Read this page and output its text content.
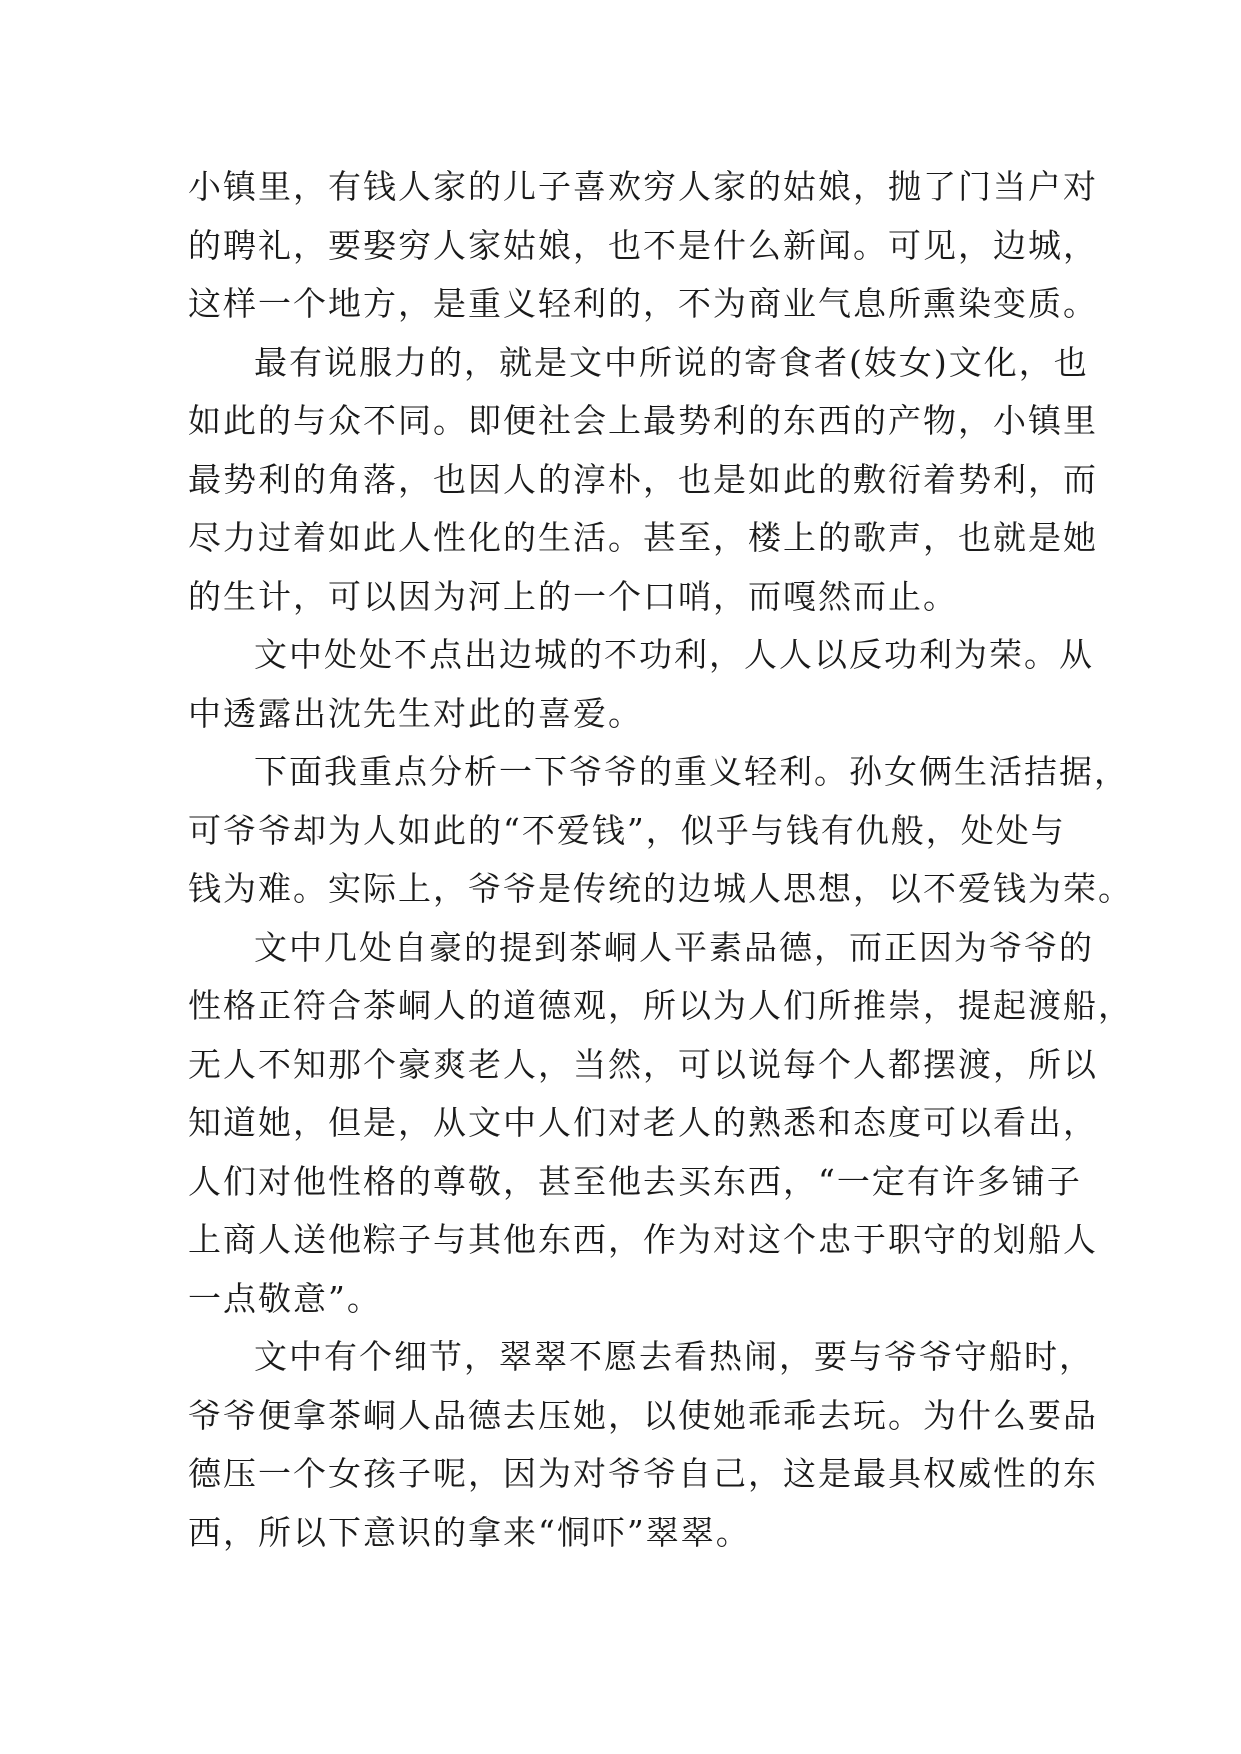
小镇里，有钱人家的儿子喜欢穷人家的姑娘，抛了门当户对
的聘礼，要娶穷人家姑娘，也不是什么新闻。可见，边城，
这样一个地方，是重义轻利的，不为商业气息所熏染变质。
最有说服力的，就是文中所说的寄食者(妓女)文化，也
如此的与众不同。即便社会上最势利的东西的产物，小镇里
最势利的角落，也因人的淳朴，也是如此的敷衍着势利，而
尽力过着如此人性化的生活。甚至，楼上的歌声，也就是她
的生计，可以因为河上的一个口哨，而嘎然而止。
文中处处不点出边城的不功利，人人以反功利为荣。从
中透露出沈先生对此的喜爱。
下面我重点分析一下爷爷的重义轻利。孙女俩生活拮据，
可爷爷却为人如此的“不爱钱”，似乎与钱有仇般，处处与
钱为难。实际上，爷爷是传统的边城人思想，以不爱钱为荣。
文中几处自豪的提到茶峒人平素品德，而正因为爷爷的
性格正符合茶峒人的道德观，所以为人们所推崇，提起渡船，
无人不知那个豪爽老人，当然，可以说每个人都摆渡，所以
知道她，但是，从文中人们对老人的熟悉和态度可以看出，
人们对他性格的尊敬，甚至他去买东西，“一定有许多铺子
上商人送他粽子与其他东西，作为对这个忠于职守的划船人
一点敬意”。
文中有个细节，翠翠不愿去看热闹，要与爷爷守船时，
爷爷便拿茶峒人品德去压她，以使她乖乖去玩。为什么要品
德压一个女孩子呢，因为对爷爷自己，这是最具权威性的东
西，所以下意识的拿来“恫吓”翠翠。
